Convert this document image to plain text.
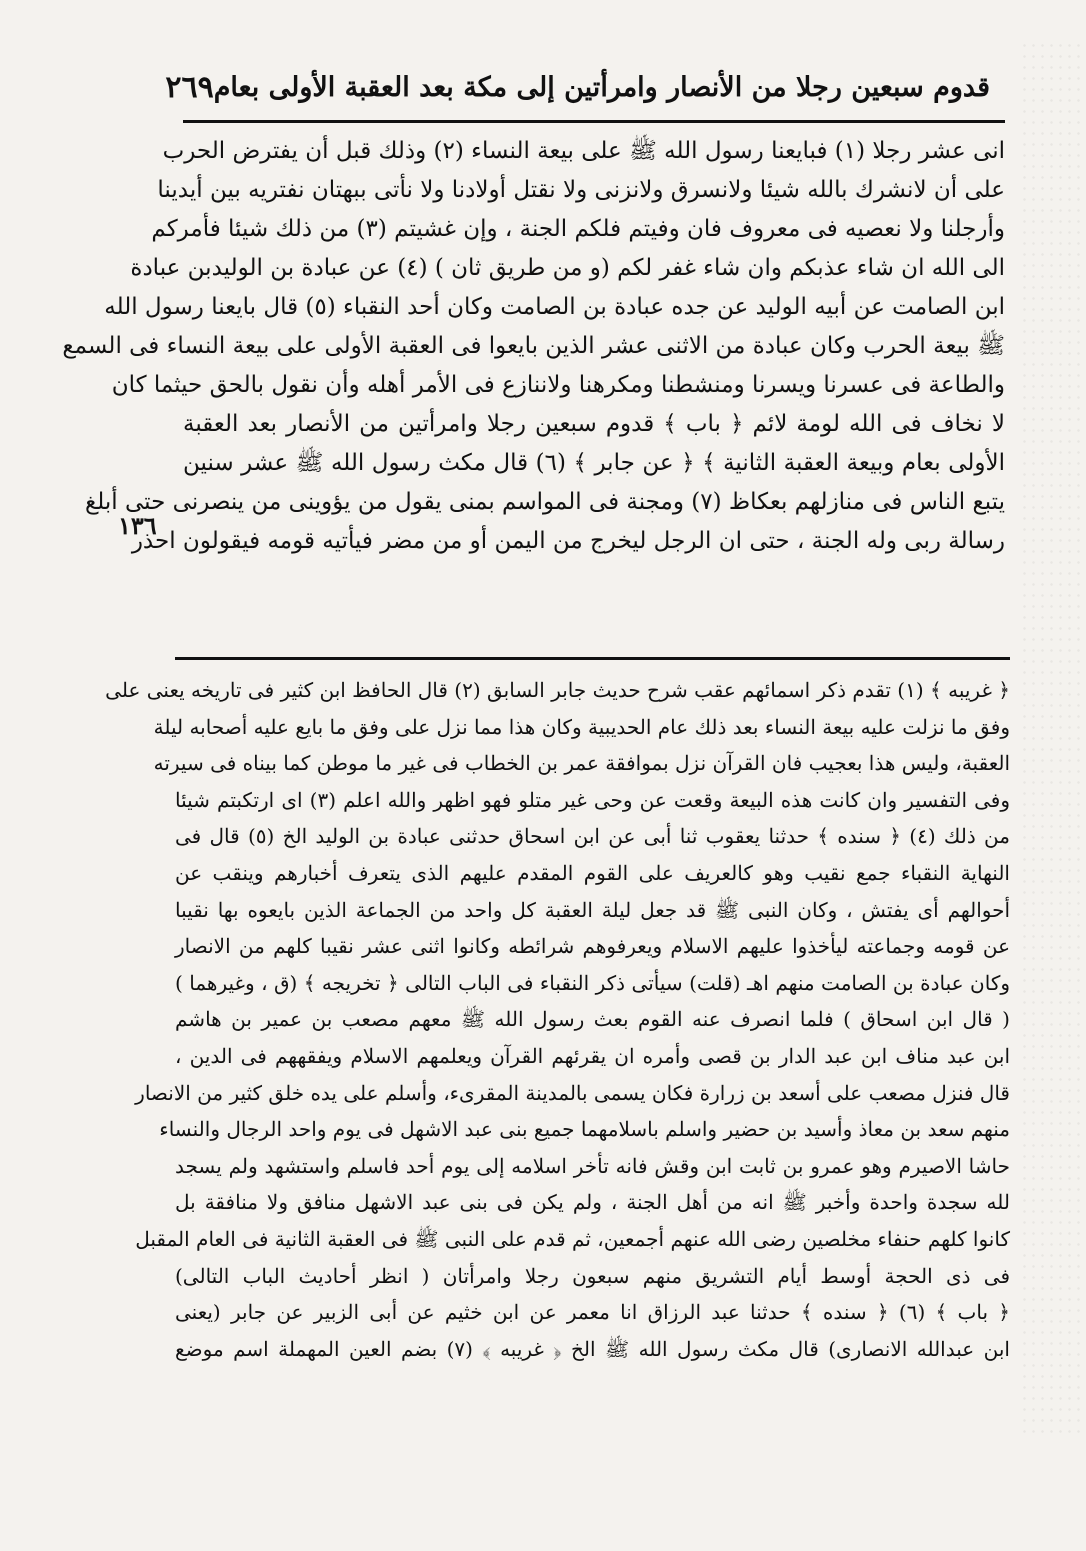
قدوم سبعين رجلا من الأنصار وامرأتين إلى مكة بعد العقبة الأولى بعام
٢٦٩
١٣٦
انى عشر رجلا (١) فبايعنا رسول الله ﷺ على بيعة النساء (٢) وذلك قبل أن يفترض الحرب
على أن لانشرك بالله شيئا ولانسرق ولانزنى ولا نقتل أولادنا ولا نأتى ببهتان نفتريه بين أيدينا
وأرجلنا ولا نعصيه فى معروف فان وفيتم فلكم الجنة ، وإن غشيتم (٣) من ذلك شيئا فأمركم
الى الله ان شاء عذبكم وان شاء غفر لكم (و من طريق ثان ) (٤) عن عبادة بن الوليدبن عبادة
ابن الصامت عن أبيه الوليد عن جده عبادة بن الصامت وكان أحد النقباء (٥) قال بايعنا رسول الله
ﷺ بيعة الحرب وكان عبادة من الاثنى عشر الذين بايعوا فى العقبة الأولى على بيعة النساء فى السمع
والطاعة فى عسرنا ويسرنا ومنشطنا ومكرهنا ولاننازع فى الأمر أهله وأن نقول بالحق حيثما كان
لا نخاف فى الله لومة لائم ﴿ باب ﴾ قدوم سبعين رجلا وامرأتين من الأنصار بعد العقبة
الأولى بعام وبيعة العقبة الثانية ﴾ ﴿ عن جابر ﴾ (٦) قال مكث رسول الله ﷺ عشر سنين
يتبع الناس فى منازلهم بعكاظ (٧) ومجنة فى المواسم بمنى يقول من يؤوينى من ينصرنى حتى أبلغ
رسالة ربى وله الجنة ، حتى ان الرجل ليخرج من اليمن أو من مضر فيأتيه قومه فيقولون احذر
﴿ غريبه ﴾ (١) تقدم ذكر اسمائهم عقب شرح حديث جابر السابق (٢) قال الحافظ ابن كثير فى تاريخه يعنى على
وفق ما نزلت عليه بيعة النساء بعد ذلك عام الحديبية وكان هذا مما نزل على وفق ما بايع عليه أصحابه ليلة
العقبة، وليس هذا بعجيب فان القرآن نزل بموافقة عمر بن الخطاب فى غير ما موطن كما بيناه فى سيرته
وفى التفسير وان كانت هذه البيعة وقعت عن وحى غير متلو فهو اظهر والله اعلم (٣) اى ارتكبتم شيئا
من ذلك (٤) ﴿ سنده ﴾ حدثنا يعقوب ثنا أبى عن ابن اسحاق حدثنى عبادة بن الوليد الخ (٥) قال فى
النهاية النقباء جمع نقيب وهو كالعريف على القوم المقدم عليهم الذى يتعرف أخبارهم وينقب عن
أحوالهم أى يفتش ، وكان النبى ﷺ قد جعل ليلة العقبة كل واحد من الجماعة الذين بايعوه بها نقيبا
عن قومه وجماعته ليأخذوا عليهم الاسلام ويعرفوهم شرائطه وكانوا اثنى عشر نقيبا كلهم من الانصار
وكان عبادة بن الصامت منهم اهـ (قلت) سيأتى ذكر النقباء فى الباب التالى ﴿ تخريجه ﴾ (ق ، وغيرهما )
( قال ابن اسحاق ) فلما انصرف عنه القوم بعث رسول الله ﷺ معهم مصعب بن عمير بن هاشم
ابن عبد مناف ابن عبد الدار بن قصى وأمره ان يقرئهم القرآن ويعلمهم الاسلام ويفقههم فى الدين ،
قال فنزل مصعب على أسعد بن زرارة فكان يسمى بالمدينة المقرىء، وأسلم على يده خلق كثير من الانصار
منهم سعد بن معاذ وأسيد بن حضير واسلم باسلامهما جميع بنى عبد الاشهل فى يوم واحد الرجال والنساء
حاشا الاصيرم وهو عمرو بن ثابت ابن وقش فانه تأخر اسلامه إلى يوم أحد فاسلم واستشهد ولم يسجد
لله سجدة واحدة وأخبر ﷺ انه من أهل الجنة ، ولم يكن فى بنى عبد الاشهل منافق ولا منافقة بل
كانوا كلهم حنفاء مخلصين رضى الله عنهم أجمعين، ثم قدم على النبى ﷺ فى العقبة الثانية فى العام المقبل
فى ذى الحجة أوسط أيام التشريق منهم سبعون رجلا وامرأتان ( انظر أحاديث الباب التالى)
﴿ باب ﴾ (٦) ﴿ سنده ﴾ حدثنا عبد الرزاق انا معمر عن ابن خثيم عن أبى الزبير عن جابر (يعنى
ابن عبدالله الانصارى) قال مكث رسول الله ﷺ الخ ﴿ غريبه ﴾ (٧) بضم العين المهملة اسم موضع
